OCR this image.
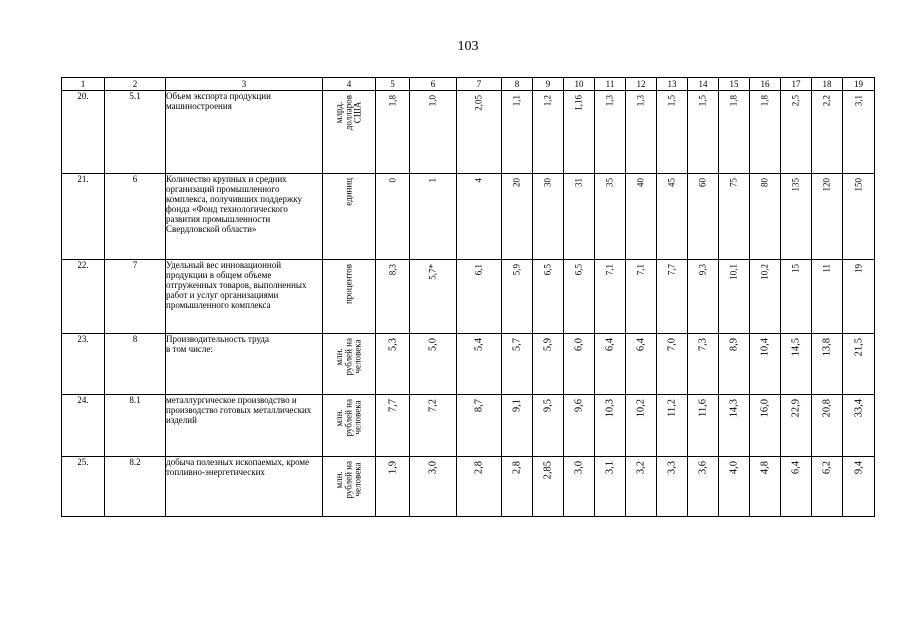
103
1	2	3	4	5	6	7	8	9	10	11	12	13	14	15	16	17	18	19
20.	5.1	Объем экспорта продукции машиностроения	млрд.
долларов
США	1,8	1,0	2,05	1,1	1,2	1,16	1,3	1,3	1,5	1,5	1,8	1,8	2,5	2,2	3,1

21.	6	Количество крупных и средних организаций промышленного комплекса, получивших поддержку фонда «Фонд технологического развития промышленности Свердловской области»	единиц	0	1	4	20	30	31	35	40	45	60	75	80	135	120	150

22.	7	Удельный вес инновационной продукции в общем объеме отгруженных товаров, выполненных работ и услуг организациями промышленного комплекса	процентов	8,3	5,7*	6,1	5,9	6,5	6,5	7,1	7,1	7,7	9,3	10,1	10,2	15	11	19

23.	8	Производительность труда
в том числе:	млн.
рублей на
человека	5,3	5,0	5,4	5,7	5,9	6,0	6,4	6,4	7,0	7,3	8,9	10,4	14,5	13,8	21,5

24.	8.1	металлургическое производство и производство готовых металлических изделий	млн.
рублей на
человека	7,7	7,2	8,7	9,1	9,5	9,6	10,3	10,2	11,2	11,6	14,3	16,0	22,9	20,8	33,4

25.	8.2	добыча полезных ископаемых, кроме топливно-энергетических	млн.
рублей на
человека	1,9	3,0	2,8	2,8	2,85	3,0	3,1	3,2	3,3	3,6	4,0	4,8	6,4	6,2	9,4
